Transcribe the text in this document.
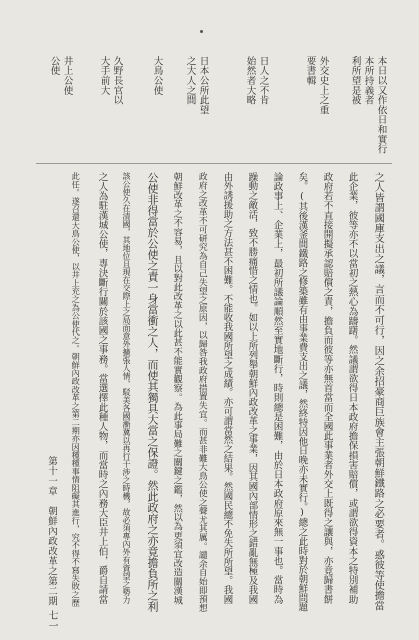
本日以又作依日和實行
本所持義者
利所望是被
外交史上之重
要書輯
日人之不肯
始然者大略
日本公所此望
之大人之間
大鳥公使
久野長官以
大手前大
井上公使
公使
之人皆謂國庫支出之議，言而不可行，因之余招豪商巨族會主張朝鮮鐵路之必要者。惑彼等使擔當
此企業，彼等亦不以當初之熱心為躊躇。然議謂欲得日本政府擔保損害賠償，或謂欲得資本之特別補助
政府若不直接開擬承認賠償之責，擔負而彼等亦無首當而全國此事業者外交上既得之讓與，亦竟歸書餅
矣。(其後漢釜間鐵路之修築雖有由事業費支出之議，然終特因他日晚亦未實行。)總之此時對於朝鮮問題
論政事上、企業上，最初所議論順然至實地斷行，時則總是困難，由於日本政府原來無一事也。當時為
躁動之敵活，致不勝痛惜之情也。如以上所列舉朝鮮內政改革之事業，因其國內部情形之錯亂無極及我國
由外誘援助之方法甚不困難。不能收我國所望之成績。亦可謂當然之結果。然國民總不免失所所望。我國
政府之改革不可研究為自己失望之原因，以歸咎我政府措置失宜。而甚非難大鳥公使之聲尤其厲。譴余自始即預想
朝鮮改革之不容易，且以對此改革之以此甚不能實觀察。為此事局難之關鍵之鑑，然以為更須宜改造關漢城
公使非得當於公使之責一身當衝之人，而使其獨具大當之保證。然此政府之亦竟擔負所之利
該公使久在清國，其地位且現在交際上之局面意外擴張人情，駁美各國漸冀以再行干涉之時機，故必須專內外有資望之勢力
之人為駐漢城公使，專決斷行關於該國之事務。當選擇此種人物，而當時之內務大臣井上伯，爵自請當
此任。遂召還大鳥公使，以井上充之為公使代之。朝鮮內政改革之第二期亦因種種事情阻礙其進行，究不得不寫失敗之歷
第十一章　朝鮮內政改革之第二期
七一
